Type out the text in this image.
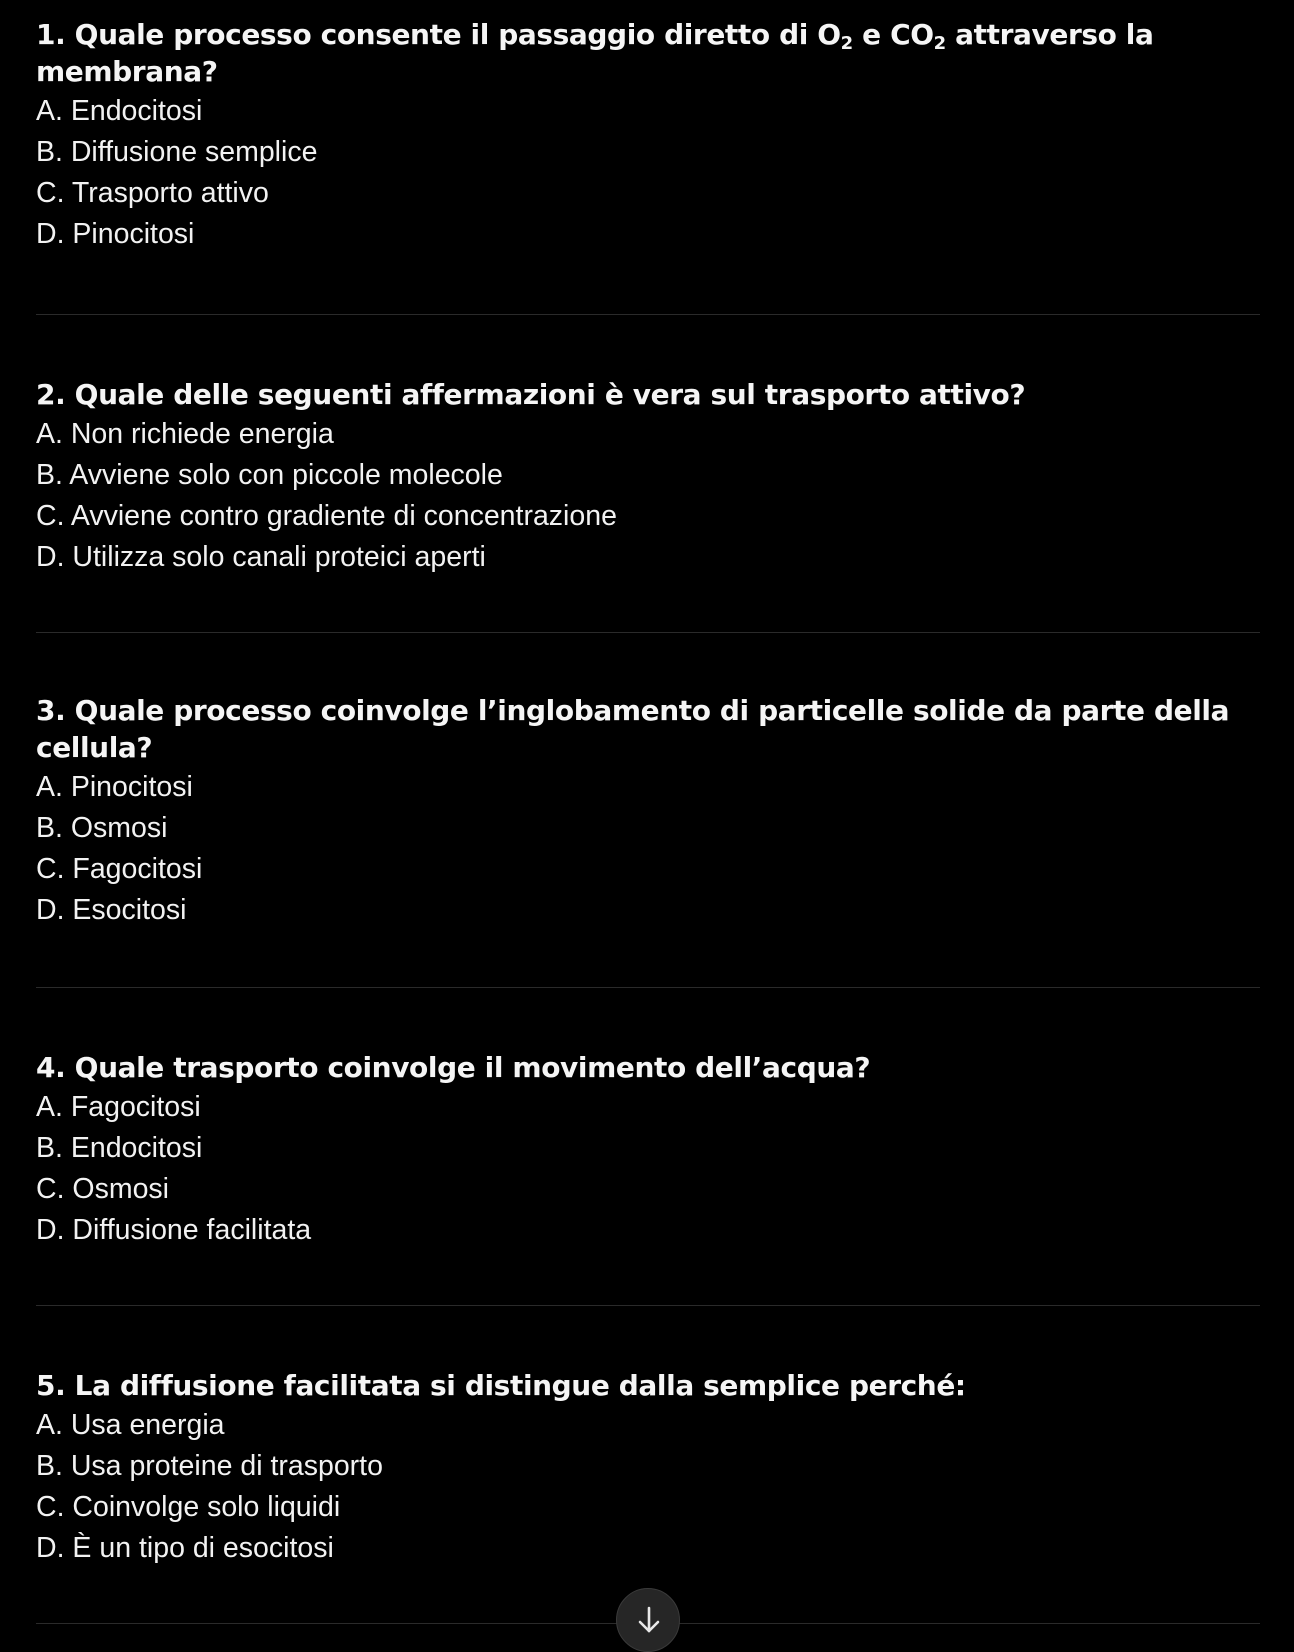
1. Quale processo consente il passaggio diretto di $O_2$ e $CO_2$ attraverso la membrana?

A. Endocitosi

B. Diffusione semplice

C. Trasporto attivo

D. Pinocitosi

2. Quale delle seguenti affermazioni è vera sul trasporto attivo?

A. Non richiede energia

B. Avviene solo con piccole molecole

C. Avviene contro gradiente di concentrazione

D. Utilizza solo canali proteici aperti

3. Quale processo coinvolge l’inglobamento di particelle solide da parte della cellula?

A. Pinocitosi

B. Osmosi

C. Fagocitosi

D. Esocitosi

4. Quale trasporto coinvolge il movimento dell’acqua?

A. Fagocitosi

B. Endocitosi

C. Osmosi

D. Diffusione facilitata

5. La diffusione facilitata si distingue dalla semplice perché:

A. Usa energia

B. Usa proteine di trasporto

C. Coinvolge solo liquidi

D. È un tipo di esocitosi
